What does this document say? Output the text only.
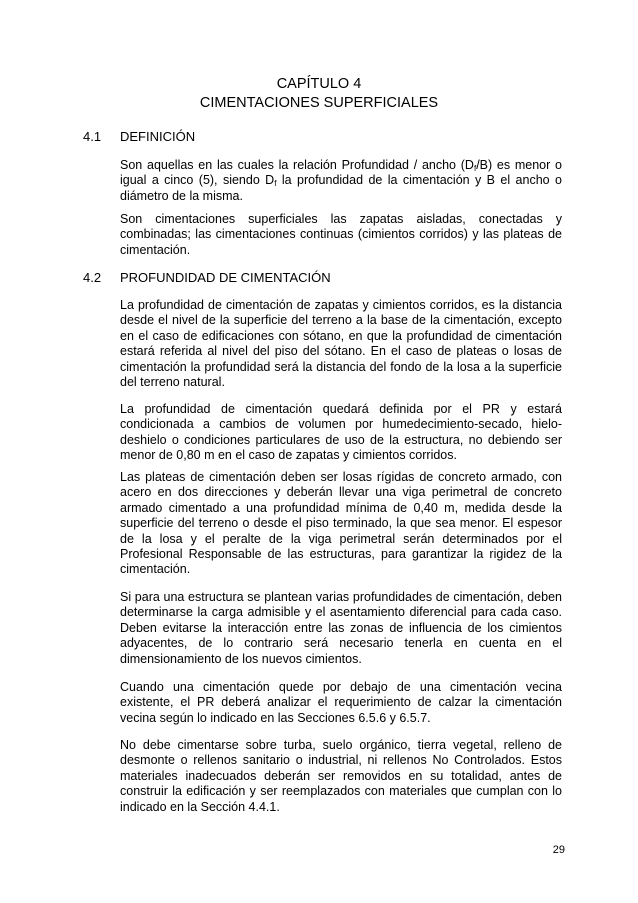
CAPÍTULO 4
CIMENTACIONES SUPERFICIALES
4.1 DEFINICIÓN

Son aquellas en las cuales la relación Profundidad / ancho $(D_f/B)$ es menor o igual a cinco (5), siendo $D_f$ la profundidad de la cimentación y B el ancho o diámetro de la misma.

Son cimentaciones superficiales las zapatas aisladas, conectadas y combinadas; las cimentaciones continuas (cimientos corridos) y las plateas de cimentación.

4.2 PROFUNDIDAD DE CIMENTACIÓN

La profundidad de cimentación de zapatas y cimientos corridos, es la distancia desde el nivel de la superficie del terreno a la base de la cimentación, excepto en el caso de edificaciones con sótano, en que la profundidad de cimentación estará referida al nivel del piso del sótano. En el caso de plateas o losas de cimentación la profundidad será la distancia del fondo de la losa a la superficie del terreno natural.

La profundidad de cimentación quedará definida por el PR y estará condicionada a cambios de volumen por humedecimiento-secado, hielo-deshielo o condiciones particulares de uso de la estructura, no debiendo ser menor de 0,80 m en el caso de zapatas y cimientos corridos.

Las plateas de cimentación deben ser losas rígidas de concreto armado, con acero en dos direcciones y deberán llevar una viga perimetral de concreto armado cimentado a una profundidad mínima de 0,40 m, medida desde la superficie del terreno o desde el piso terminado, la que sea menor. El espesor de la losa y el peralte de la viga perimetral serán determinados por el Profesional Responsable de las estructuras, para garantizar la rigidez de la cimentación.

Si para una estructura se plantean varias profundidades de cimentación, deben determinarse la carga admisible y el asentamiento diferencial para cada caso. Deben evitarse la interacción entre las zonas de influencia de los cimientos adyacentes, de lo contrario será necesario tenerla en cuenta en el dimensionamiento de los nuevos cimientos.

Cuando una cimentación quede por debajo de una cimentación vecina existente, el PR deberá analizar el requerimiento de calzar la cimentación vecina según lo indicado en las Secciones 6.5.6 y 6.5.7.

No debe cimentarse sobre turba, suelo orgánico, tierra vegetal, relleno de desmonte o rellenos sanitario o industrial, ni rellenos No Controlados. Estos materiales inadecuados deberán ser removidos en su totalidad, antes de construir la edificación y ser reemplazados con materiales que cumplan con lo indicado en la Sección 4.4.1.

29
